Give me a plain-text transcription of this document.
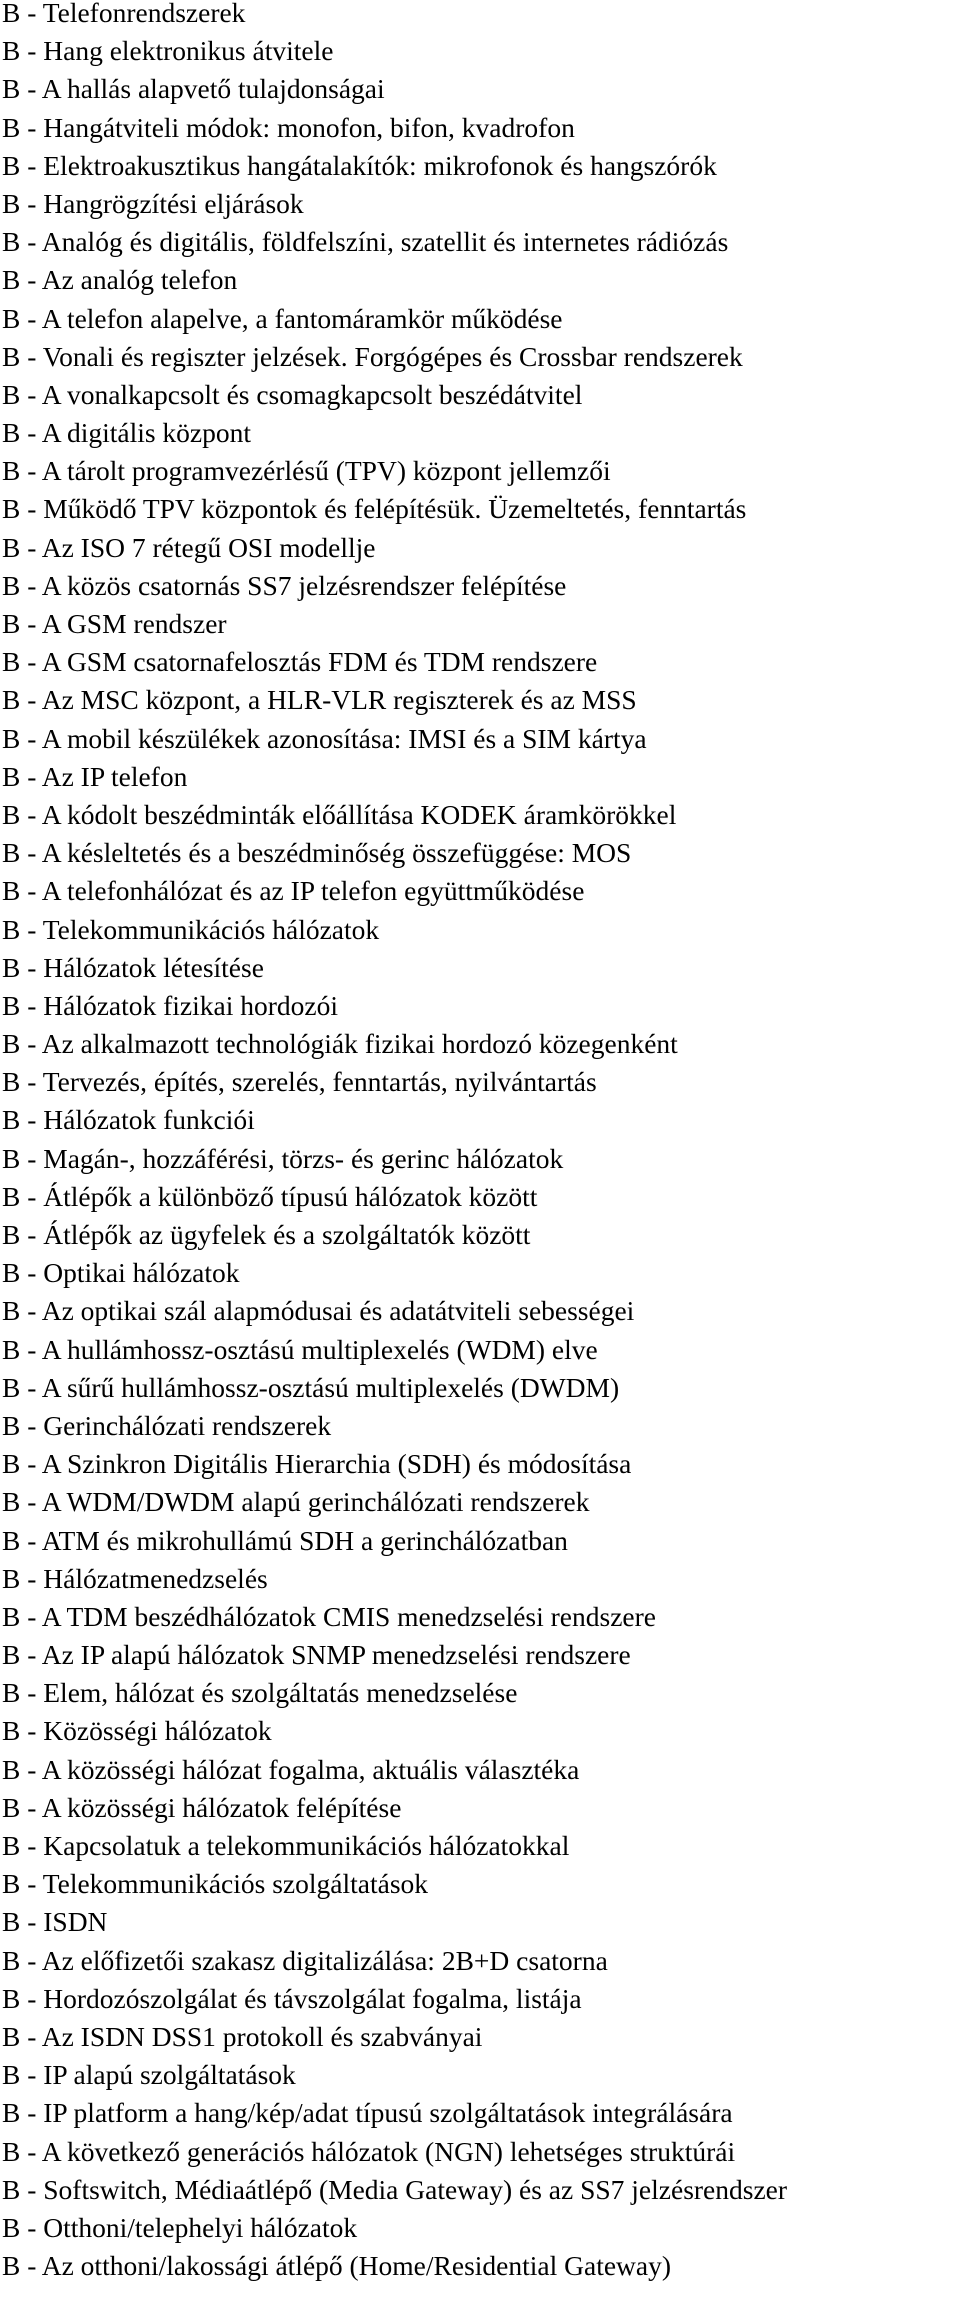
B - Telefonrendszerek
B - Hang elektronikus átvitele
B - A hallás alapvető tulajdonságai
B - Hangátviteli módok: monofon, bifon, kvadrofon
B - Elektroakusztikus hangátalakítók: mikrofonok és hangszórók
B - Hangrögzítési eljárások
B - Analóg és digitális, földfelszíni, szatellit és internetes rádiózás
B - Az analóg telefon
B - A telefon alapelve, a fantomáramkör működése
B - Vonali és regiszter jelzések. Forgógépes és Crossbar rendszerek
B - A vonalkapcsolt és csomagkapcsolt beszédátvitel
B - A digitális központ
B - A tárolt programvezérlésű (TPV) központ jellemzői
B - Működő TPV központok és felépítésük. Üzemeltetés, fenntartás
B - Az ISO 7 rétegű OSI modellje
B - A közös csatornás SS7 jelzésrendszer felépítése
B - A GSM rendszer
B - A GSM csatornafelosztás FDM és TDM rendszere
B - Az MSC központ, a HLR-VLR regiszterek és az MSS
B - A mobil készülékek azonosítása: IMSI és a SIM kártya
B - Az IP telefon
B - A kódolt beszédminták előállítása KODEK áramkörökkel
B - A késleltetés és a beszédminőség összefüggése: MOS
B - A telefonhálózat és az IP telefon együttműködése
B - Telekommunikációs hálózatok
B - Hálózatok létesítése
B - Hálózatok fizikai hordozói
B - Az alkalmazott technológiák fizikai hordozó közegenként
B - Tervezés, építés, szerelés, fenntartás, nyilvántartás
B - Hálózatok funkciói
B - Magán-, hozzáférési, törzs- és gerinc hálózatok
B - Átlépők a különböző típusú hálózatok között
B - Átlépők az ügyfelek és a szolgáltatók között
B - Optikai hálózatok
B - Az optikai szál alapmódusai és adatátviteli sebességei
B - A hullámhossz-osztású multiplexelés (WDM) elve
B - A sűrű hullámhossz-osztású multiplexelés (DWDM)
B - Gerinchálózati rendszerek
B - A Szinkron Digitális Hierarchia (SDH) és módosítása
B - A WDM/DWDM alapú gerinchálózati rendszerek
B - ATM és mikrohullámú SDH a gerinchálózatban
B - Hálózatmenedzselés
B - A TDM beszédhálózatok CMIS menedzselési rendszere
B - Az IP alapú hálózatok SNMP menedzselési rendszere
B - Elem, hálózat és szolgáltatás menedzselése
B - Közösségi hálózatok
B - A közösségi hálózat fogalma, aktuális választéka
B - A közösségi hálózatok felépítése
B - Kapcsolatuk a telekommunikációs hálózatokkal
B - Telekommunikációs szolgáltatások
B - ISDN
B - Az előfizetői szakasz digitalizálása: 2B+D csatorna
B - Hordozószolgálat és távszolgálat fogalma, listája
B - Az ISDN DSS1 protokoll és szabványai
B - IP alapú szolgáltatások
B - IP platform a hang/kép/adat típusú szolgáltatások integrálására
B - A következő generációs hálózatok (NGN) lehetséges struktúrái
B - Softswitch, Médiaátlépő (Media Gateway) és az SS7 jelzésrendszer
B - Otthoni/telephelyi hálózatok
B - Az otthoni/lakossági átlépő (Home/Residential Gateway)
